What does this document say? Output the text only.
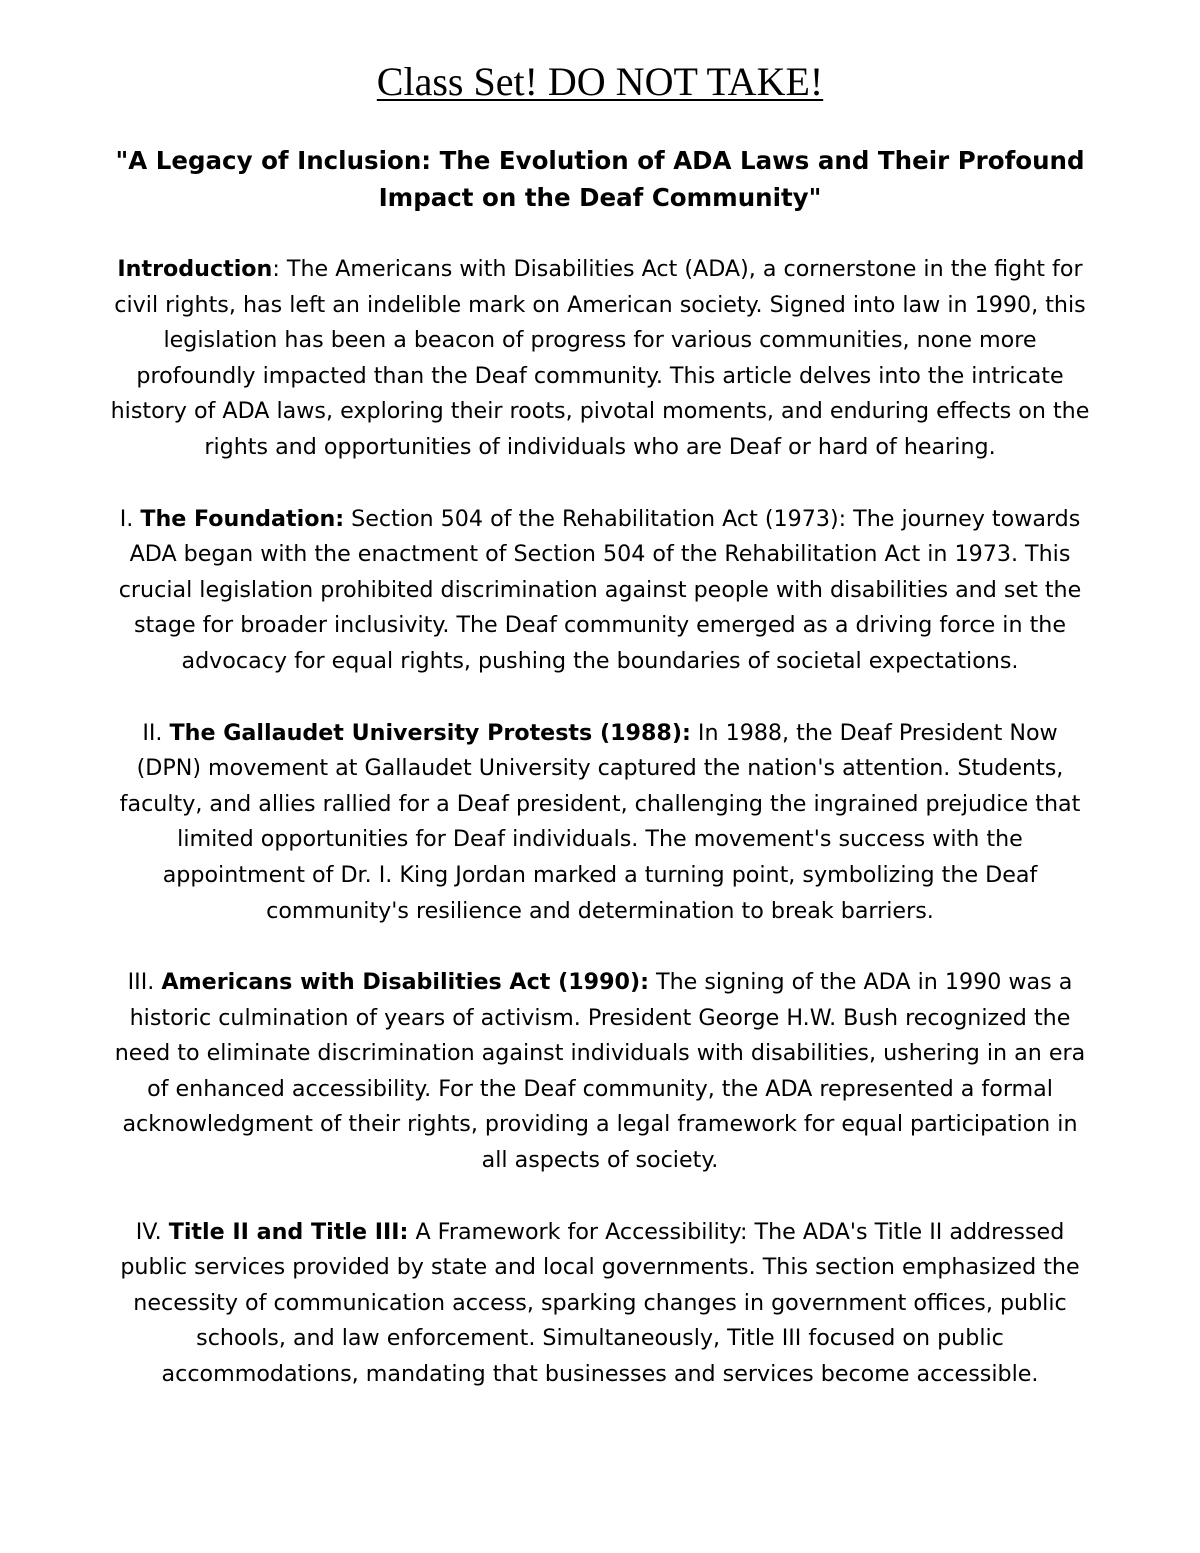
Class Set! DO NOT TAKE!
"A Legacy of Inclusion: The Evolution of ADA Laws and Their Profound Impact on the Deaf Community"

Introduction: The Americans with Disabilities Act (ADA), a cornerstone in the fight for civil rights, has left an indelible mark on American society. Signed into law in 1990, this legislation has been a beacon of progress for various communities, none more profoundly impacted than the Deaf community. This article delves into the intricate history of ADA laws, exploring their roots, pivotal moments, and enduring effects on the rights and opportunities of individuals who are Deaf or hard of hearing.

I. The Foundation: Section 504 of the Rehabilitation Act (1973): The journey towards ADA began with the enactment of Section 504 of the Rehabilitation Act in 1973. This crucial legislation prohibited discrimination against people with disabilities and set the stage for broader inclusivity. The Deaf community emerged as a driving force in the advocacy for equal rights, pushing the boundaries of societal expectations.

II. The Gallaudet University Protests (1988): In 1988, the Deaf President Now (DPN) movement at Gallaudet University captured the nation's attention. Students, faculty, and allies rallied for a Deaf president, challenging the ingrained prejudice that limited opportunities for Deaf individuals. The movement's success with the appointment of Dr. I. King Jordan marked a turning point, symbolizing the Deaf community's resilience and determination to break barriers.

III. Americans with Disabilities Act (1990): The signing of the ADA in 1990 was a historic culmination of years of activism. President George H.W. Bush recognized the need to eliminate discrimination against individuals with disabilities, ushering in an era of enhanced accessibility. For the Deaf community, the ADA represented a formal acknowledgment of their rights, providing a legal framework for equal participation in all aspects of society.

IV. Title II and Title III: A Framework for Accessibility: The ADA's Title II addressed public services provided by state and local governments. This section emphasized the necessity of communication access, sparking changes in government offices, public schools, and law enforcement. Simultaneously, Title III focused on public accommodations, mandating that businesses and services become accessible.
